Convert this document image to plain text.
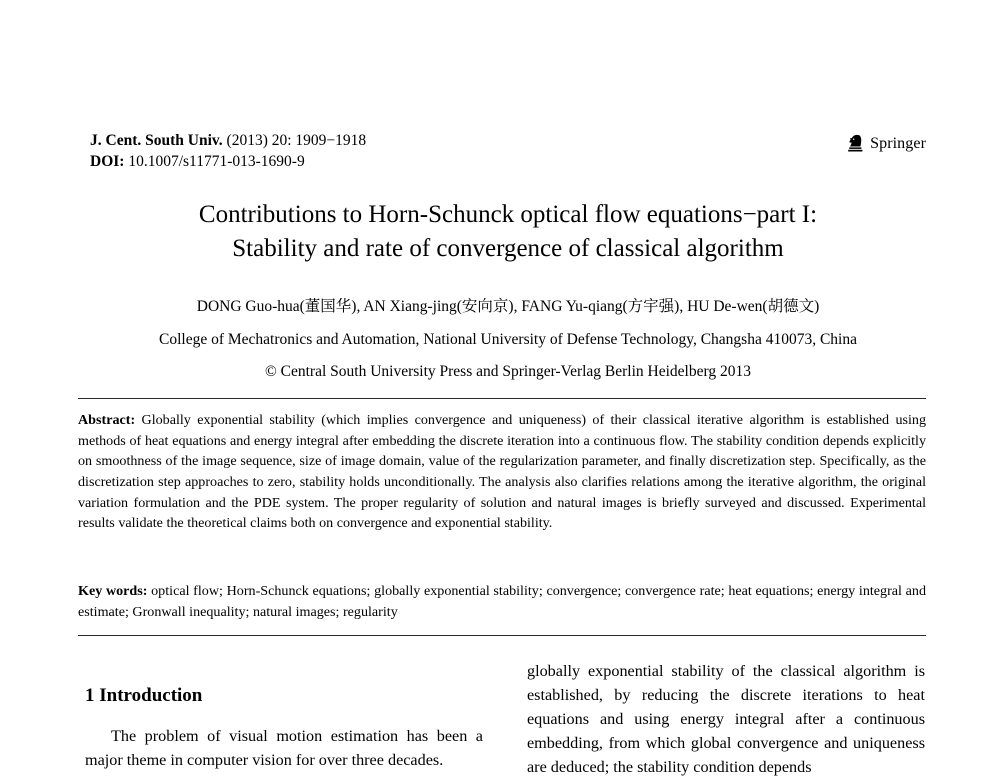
J. Cent. South Univ. (2013) 20: 1909−1918
DOI: 10.1007/s11771-013-1690-9
Springer
Contributions to Horn-Schunck optical flow equations−part I:
Stability and rate of convergence of classical algorithm
DONG Guo-hua(董国华), AN Xiang-jing(安向京), FANG Yu-qiang(方宇强), HU De-wen(胡德文)
College of Mechatronics and Automation, National University of Defense Technology, Changsha 410073, China
© Central South University Press and Springer-Verlag Berlin Heidelberg 2013
Abstract: Globally exponential stability (which implies convergence and uniqueness) of their classical iterative algorithm is established using methods of heat equations and energy integral after embedding the discrete iteration into a continuous flow. The stability condition depends explicitly on smoothness of the image sequence, size of image domain, value of the regularization parameter, and finally discretization step. Specifically, as the discretization step approaches to zero, stability holds unconditionally. The analysis also clarifies relations among the iterative algorithm, the original variation formulation and the PDE system. The proper regularity of solution and natural images is briefly surveyed and discussed. Experimental results validate the theoretical claims both on convergence and exponential stability.
Key words: optical flow; Horn-Schunck equations; globally exponential stability; convergence; convergence rate; heat equations; energy integral and estimate; Gronwall inequality; natural images; regularity
1 Introduction

The problem of visual motion estimation has been a major theme in computer vision for over three decades.

globally exponential stability of the classical algorithm is established, by reducing the discrete iterations to heat equations and using energy integral after a continuous embedding, from which global convergence and uniqueness are deduced; the stability condition depends
